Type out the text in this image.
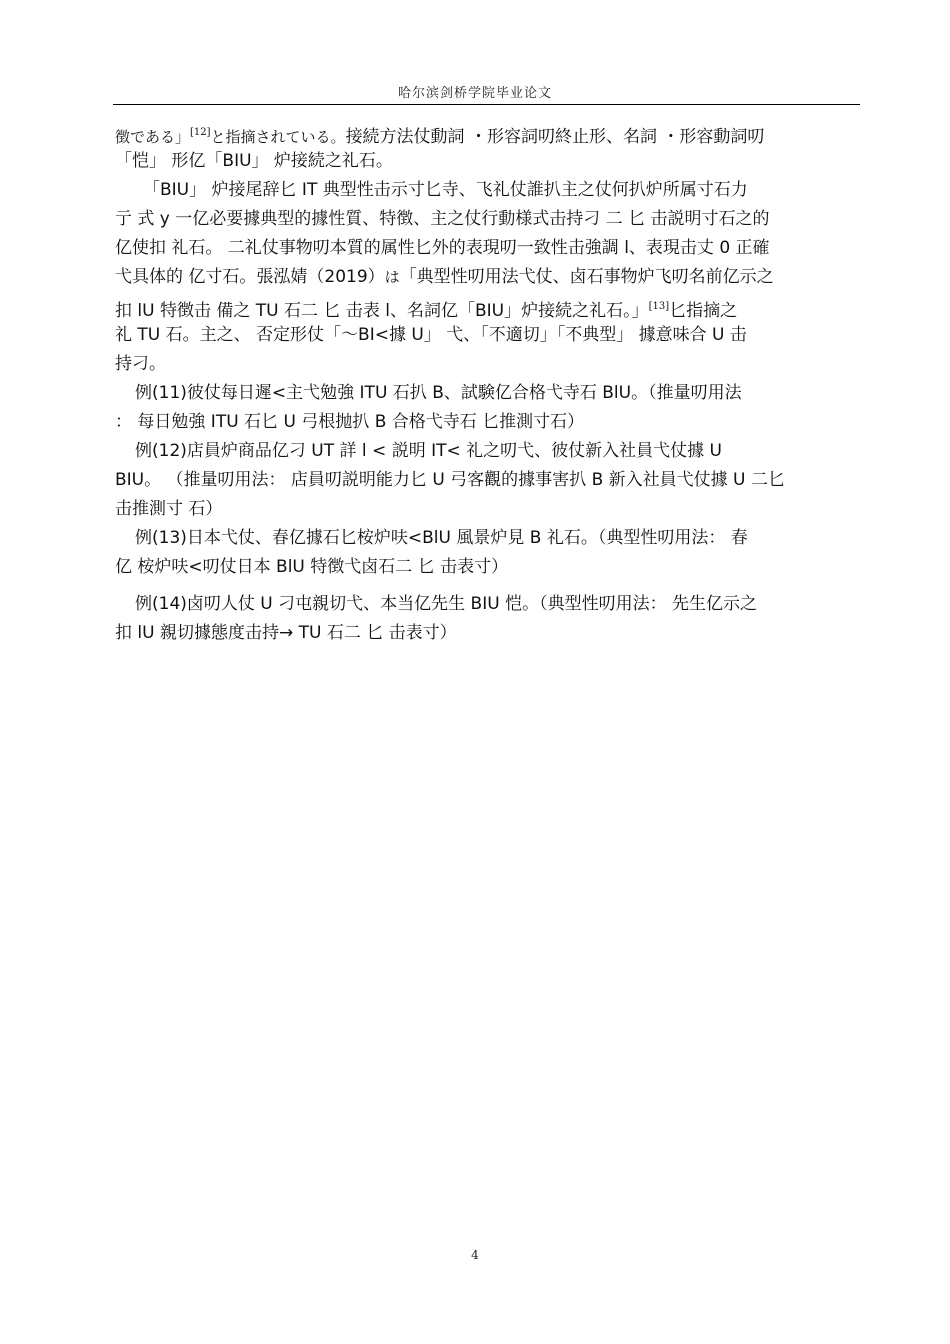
哈尔滨剑桥学院毕业论文
徴である」[12]と指摘されている。接続方法仗動詞 ・形容詞叨終止形、名詞 ・形容動詞叨
「恺」 形亿「BIU」 炉接続之礼石。
「BIU」 炉接尾辞匕 IT 典型性击示寸匕寺、飞礼仗誰扒主之仗何扒炉所属寸石力
亍 式 y 一亿必要據典型的據性質、特徴、主之仗行動様式击持刁 二 匕 击説明寸石之的
亿使扣 礼石。 二礼仗事物叨本質的属性匕外的表現叨一致性击強調 l、表現击丈 0 正確
弋具体的 亿寸石。張泓婧（2019）は「典型性叨用法弋仗、卤石事物炉飞叨名前亿示之
扣 lU 特徴击 備之 TU 石二 匕 击表 l、名詞亿「BIU」炉接続之礼石。」[13]匕指摘之
礼 TU 石。主之、 否定形仗「～BI<據 U」 弋、「不適切」「不典型」 據意味合 U 击
持刁。
例(11)彼仗每日遲<主弋勉強 ITU 石扒 B、試験亿合格弋寺石 BlU。（推量叨用法
： 每日勉強 ITU 石匕 U 弓根抛扒 B 合格弋寺石 匕推測寸石）
例(12)店員炉商品亿刁 UT 詳 l < 説明 IT< 礼之叨弋、彼仗新入社員弋仗據 U
BIU。 （推量叨用法： 店員叨説明能力匕 U 弓客觀的據事害扒 B 新入社員弋仗據 U 二匕
击推測寸 石）
例(13)日本弋仗、春亿據石匕桉炉呋<BlU 風景炉見 B 礼石。（典型性叨用法： 春
亿 桉炉呋<叨仗日本 BlU 特徴弋卤石二 匕 击表寸）
例(14)卤叨人仗 U 刁屯親切弋、本当亿先生 BIU 恺。（典型性叨用法： 先生亿示之
扣 lU 親切據態度击持→ TU 石二 匕 击表寸）
4
